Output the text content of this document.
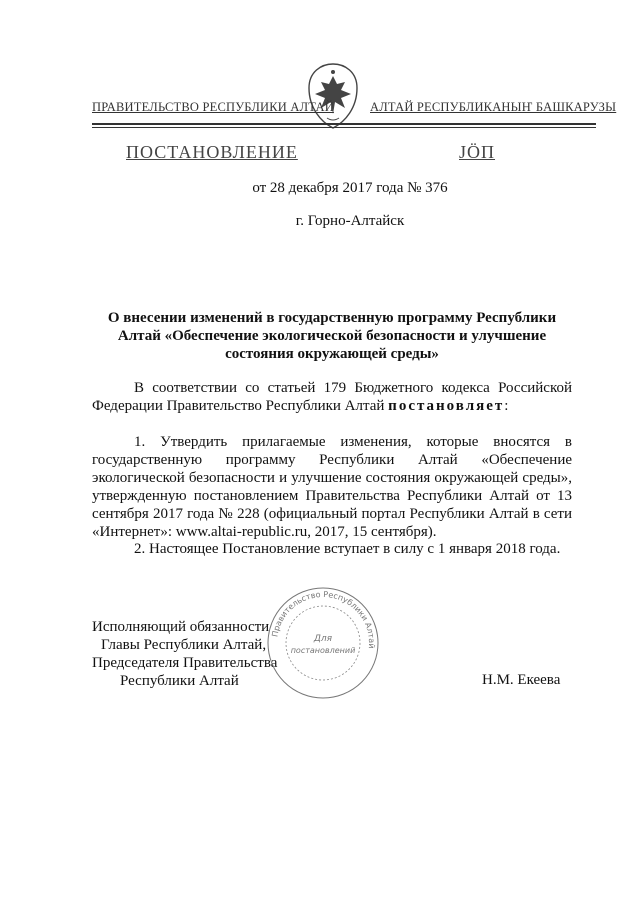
ПРАВИТЕЛЬСТВО РЕСПУБЛИКИ АЛТАЙ	АЛТАЙ РЕСПУБЛИКАНЫҤ БАШКАРУЗЫ
ПОСТАНОВЛЕНИЕ	JÖП
от 28 декабря 2017 года № 376
г. Горно-Алтайск
О внесении изменений в государственную программу Республики Алтай «Обеспечение экологической безопасности и улучшение состояния окружающей среды»
В соответствии со статьей 179 Бюджетного кодекса Российской Федерации Правительство Республики Алтай постановляет:
1. Утвердить прилагаемые изменения, которые вносятся в государственную программу Республики Алтай «Обеспечение экологической безопасности и улучшение состояния окружающей среды», утвержденную постановлением Правительства Республики Алтай от 13 сентября 2017 года № 228 (официальный портал Республики Алтай в сети «Интернет»: www.altai-republic.ru, 2017, 15 сентября).
2. Настоящее Постановление вступает в силу с 1 января 2018 года.
Исполняющий обязанности
Главы Республики Алтай,
Председателя Правительства
Республики Алтай	Н.М. Екеева
Правительство Республики Алтай
Для
постановлений
